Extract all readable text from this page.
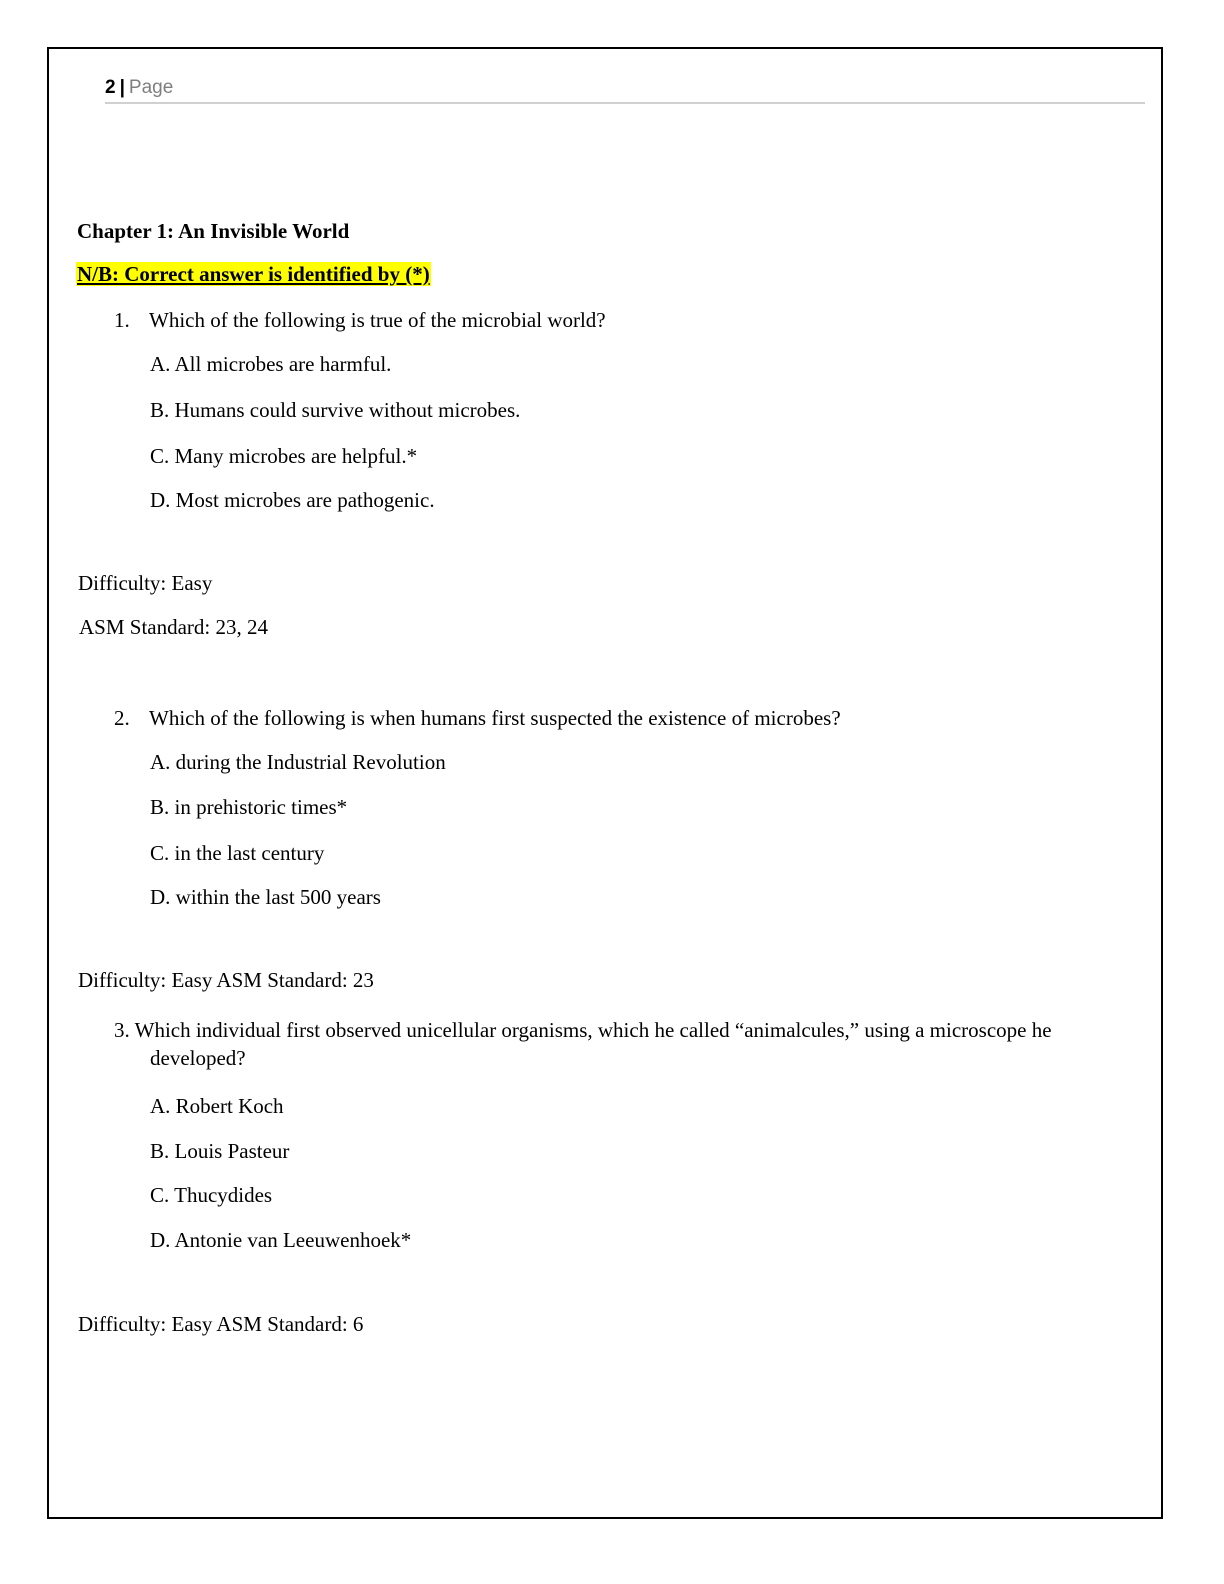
2 | Page
Chapter 1: An Invisible World
N/B: Correct answer is identified by (*)
1. Which of the following is true of the microbial world?
A. All microbes are harmful.
B. Humans could survive without microbes.
C. Many microbes are helpful.*
D. Most microbes are pathogenic.
Difficulty: Easy
ASM Standard: 23, 24
2. Which of the following is when humans first suspected the existence of microbes?
A. during the Industrial Revolution
B. in prehistoric times*
C. in the last century
D. within the last 500 years
Difficulty: Easy ASM Standard: 23
3. Which individual first observed unicellular organisms, which he called “animalcules,” using a microscope he
developed?
A. Robert Koch
B. Louis Pasteur
C. Thucydides
D. Antonie van Leeuwenhoek*
Difficulty: Easy ASM Standard: 6
